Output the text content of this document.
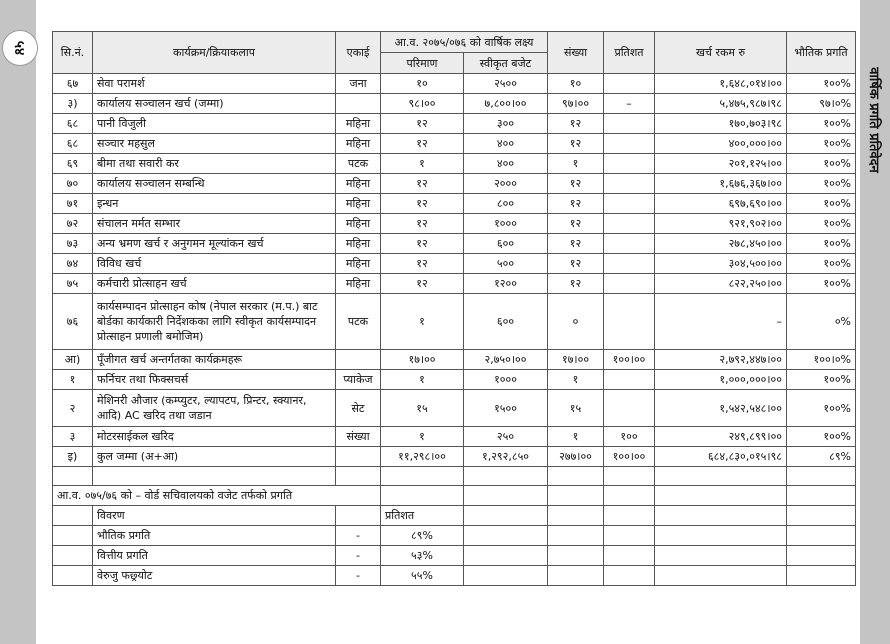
५४
वार्षिक प्रगति प्रतिवेदन
सि.नं.	कार्यक्रम/क्रियाकलाप	एकाई	आ.व. २०७५/०७६ को वार्षिक लक्ष्य		संख्या	प्रतिशत	खर्च रकम रु	भौतिक प्रगति
			परिमाण	स्वीकृत बजेट				
६७	सेवा परामर्श	जना	१०	२५००	१०		१,६४८,०१४।००	१००%
३)	कार्यालय सञ्चालन खर्च (जम्मा)		९८।००	७,८००।००	९७।००	–	५,४७५,९८७।९८	९७।०%
६८	पानी विजुली	महिना	१२	३००	१२		१७०,७०३।९८	१००%
६८	सञ्चार महसुल	महिना	१२	४००	१२		४००,०००।००	१००%
६९	बीमा तथा सवारी कर	पटक	१	४००	१		२०१,१२५।००	१००%
७०	कार्यालय सञ्चालन सम्बन्धि	महिना	१२	२०००	१२		१,६७६,३६७।००	१००%
७१	इन्धन	महिना	१२	८००	१२		६९७,६९०।००	१००%
७२	संचालन मर्मत सम्भार	महिना	१२	१०००	१२		९२१,९०२।००	१००%
७३	अन्य भ्रमण खर्च र अनुगमन मूल्यांकन खर्च	महिना	१२	६००	१२		२७८,४५०।००	१००%
७४	विविध खर्च	महिना	१२	५००	१२		३०४,५००।००	१००%
७५	कर्मचारी प्रोत्साहन खर्च	महिना	१२	१२००	१२		८२२,२५०।००	१००%
७६	कार्यसम्पादन प्रोत्साहन कोष (नेपाल सरकार (म.प.) बाट बोर्डका कार्यकारी निर्देशकका लागि स्वीकृत कार्यसम्पादन प्रोत्साहन प्रणाली बमोजिम)	पटक	१	६००	०		–	०%
आ)	पूँजीगत खर्च अन्तर्गतका कार्यक्रमहरू		१७।००	२,७५०।००	१७।००	१००।००	२,७९२,४४७।००	१००।०%
१	फर्निचर तथा फिक्सचर्स	प्याकेज	१	१०००	१		१,०००,०००।००	१००%
२	मेशिनरी औजार (कम्प्युटर, ल्यापटप, प्रिन्टर, स्क्यानर, आदि) AC खरिद तथा जडान	सेट	१५	१५००	१५		१,५४२,५४८।००	१००%
३	मोटरसाईकल खरिद	संख्या	१	२५०	१	१००	२४९,८९९।००	१००%
इ)	कुल जम्मा (अ+आ)		११,२९८।००	१,२९२,८५०	२७७।००	१००।००	६८४,८३०,०१५।९८	८९%

आ.व. ०७५/७६ को – वोर्ड सचिवालयको वजेट तर्फको प्रगति								
	विवरण		प्रतिशत					
	भौतिक प्रगति	-	८९%					
	वित्तीय प्रगति	-	५३%					
	वेरुजु फछ्र्याेट	-	५५%					
